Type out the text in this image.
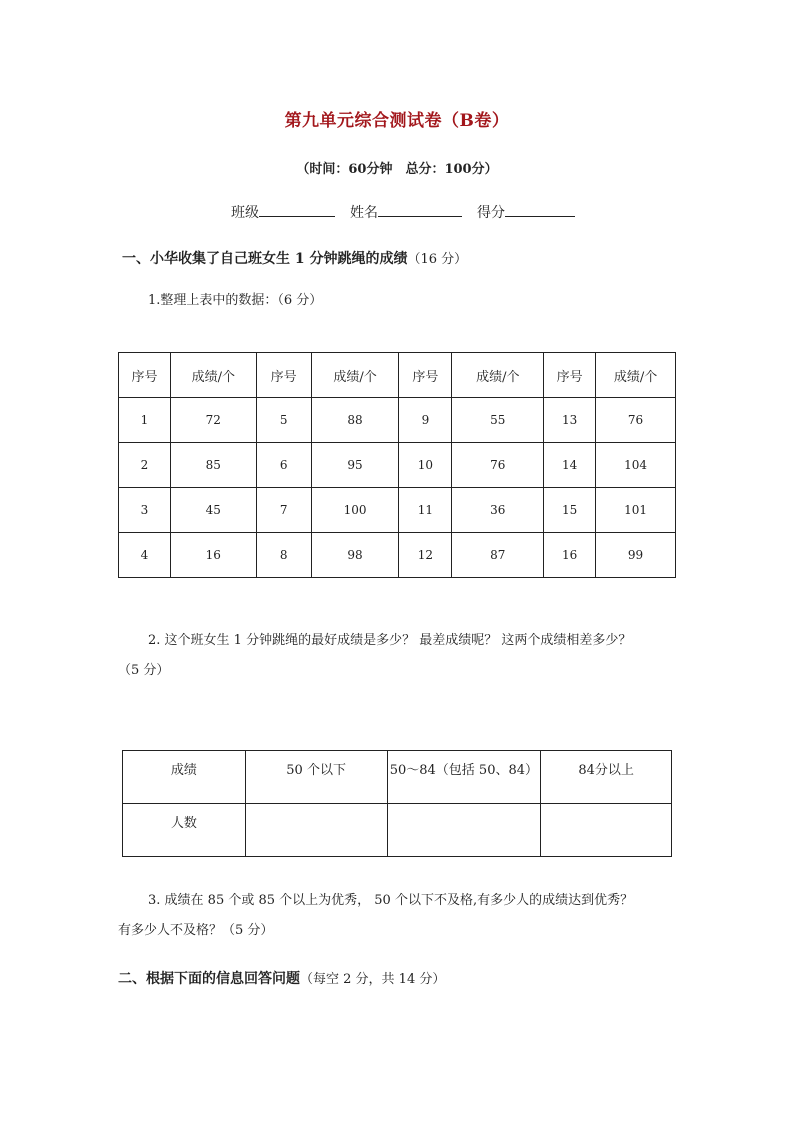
第九单元综合测试卷（B卷）
（时间：60分钟　总分：100分）
班级	姓名	得分
一、小华收集了自己班女生 1 分钟跳绳的成绩（16 分）
1.整理上表中的数据：（6 分）
序号	成绩/个	序号	成绩/个	序号	成绩/个	序号	成绩/个
1	72	5	88	9	55	13	76
2	85	6	95	10	76	14	104
3	45	7	100	11	36	15	101
4	16	8	98	12	87	16	99
2. 这个班女生 1 分钟跳绳的最好成绩是多少？ 最差成绩呢？ 这两个成绩相差多少？
（5 分）
成绩	50 个以下	50～84（包括 50、84）	84分以上
人数			
3. 成绩在 85 个或 85 个以上为优秀， 50 个以下不及格,有多少人的成绩达到优秀？
有多少人不及格？（5 分）
二、根据下面的信息回答问题（每空 2 分，共 14 分）
